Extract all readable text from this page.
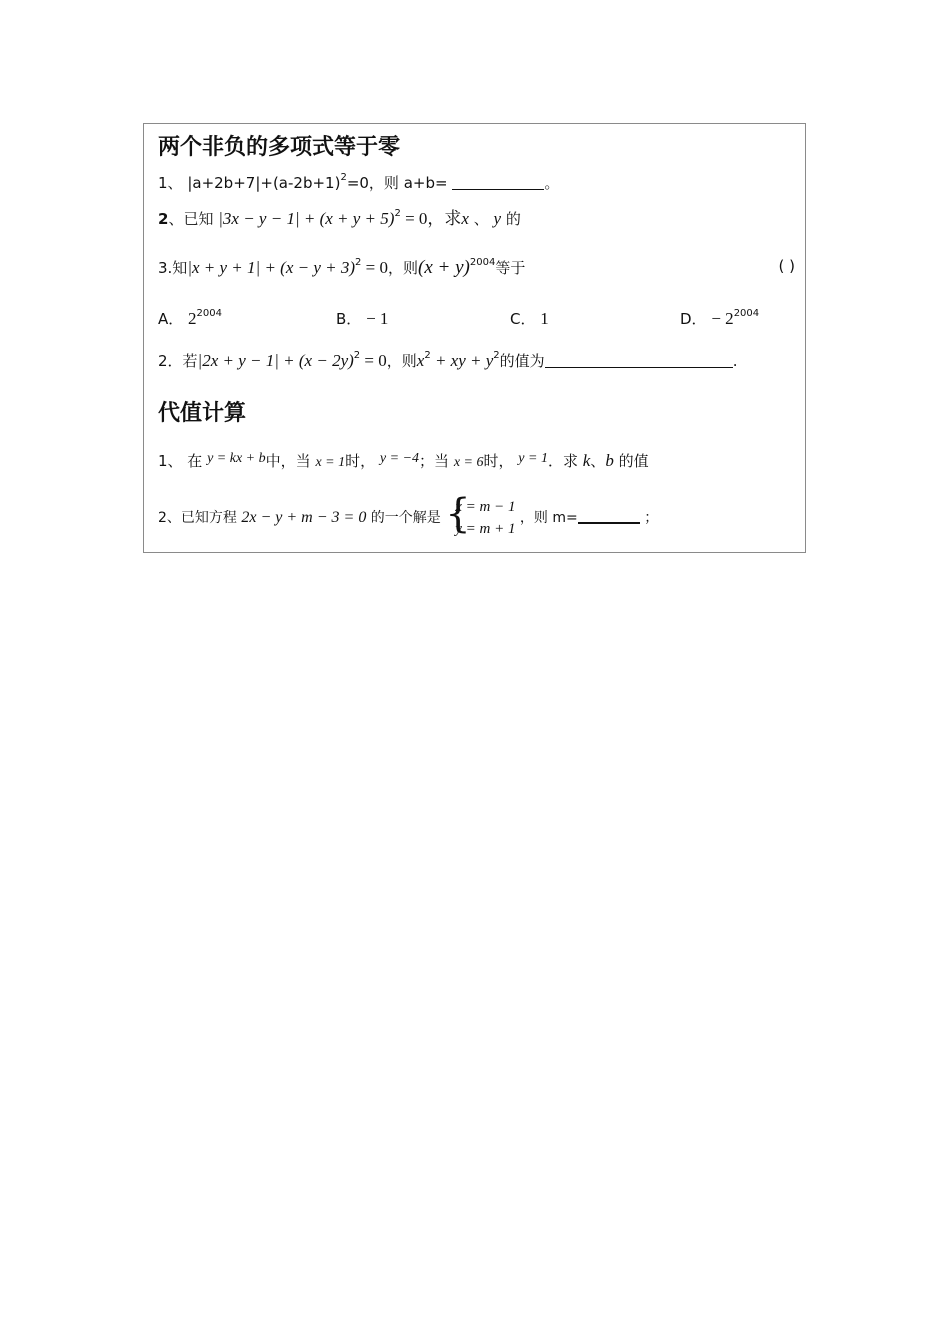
两个非负的多项式等于零
1、 $|a+2b+7|+(a-2b+1)^2=0$，则 a+b=	。
2、已知 $|3x - y - 1| + (x + y + 5)^2 = 0$，求x 、 y 的
3.知$|x + y + 1| + (x - y + 3)^2 = 0$，则$(x + y)^{2004}$等于	( )
A． $2^{2004}$	B． − 1	C． 1	D． − $2^{2004}$
2．若$|2x + y - 1| + (x - 2y)^2 = 0$，则$x^2$ + xy + $y^2$的值为	.
代值计算
1、 在 y = kx + b中，当 x = 1时， y = −4；当 x = 6时， y = 1．求 k、b 的值
2、已知方程 2x − y + m − 3 = 0 的一个解是 {
x = m − 1
y = m + 1
，则 m=	；
